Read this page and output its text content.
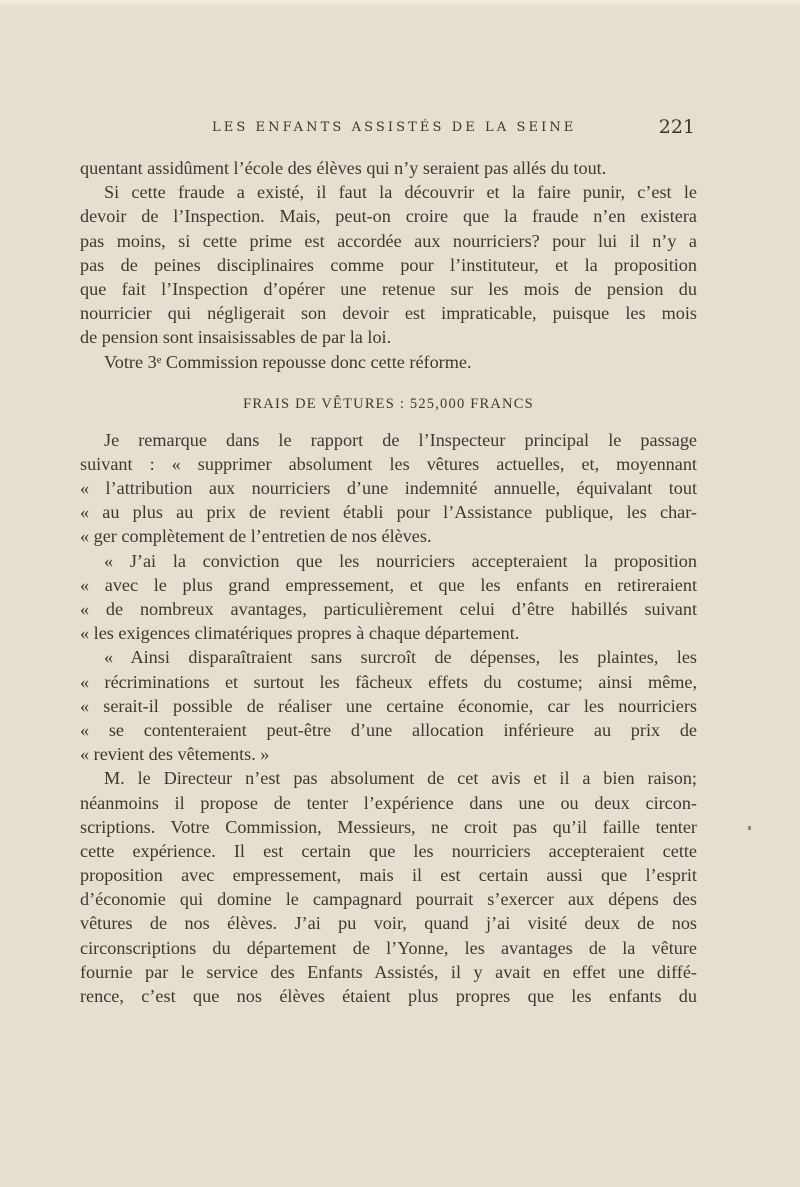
LES ENFANTS ASSISTÉS DE LA SEINE	221
quentant assidûment l’école des élèves qui n’y seraient pas allés du tout.
Si cette fraude a existé, il faut la découvrir et la faire punir, c’est le
devoir de l’Inspection. Mais, peut-on croire que la fraude n’en existera
pas moins, si cette prime est accordée aux nourriciers? pour lui il n’y a
pas de peines disciplinaires comme pour l’instituteur, et la proposition
que fait l’Inspection d’opérer une retenue sur les mois de pension du
nourricier qui négligerait son devoir est impraticable, puisque les mois
de pension sont insaisissables de par la loi.
Votre 3ᵉ Commission repousse donc cette réforme.
FRAIS DE VÊTURES : 525,000 FRANCS
Je remarque dans le rapport de l’Inspecteur principal le passage
suivant : « supprimer absolument les vêtures actuelles, et, moyennant
« l’attribution aux nourriciers d’une indemnité annuelle, équivalant tout
« au plus au prix de revient établi pour l’Assistance publique, les char-
« ger complètement de l’entretien de nos élèves.
« J’ai la conviction que les nourriciers accepteraient la proposition
« avec le plus grand empressement, et que les enfants en retireraient
« de nombreux avantages, particulièrement celui d’être habillés suivant
« les exigences climatériques propres à chaque département.
« Ainsi disparaîtraient sans surcroît de dépenses, les plaintes, les
« récriminations et surtout les fâcheux effets du costume; ainsi même,
« serait-il possible de réaliser une certaine économie, car les nourriciers
« se contenteraient peut-être d’une allocation inférieure au prix de
« revient des vêtements. »
M. le Directeur n’est pas absolument de cet avis et il a bien raison;
néanmoins il propose de tenter l’expérience dans une ou deux circon-
scriptions. Votre Commission, Messieurs, ne croit pas qu’il faille tenter
cette expérience. Il est certain que les nourriciers accepteraient cette
proposition avec empressement, mais il est certain aussi que l’esprit
d’économie qui domine le campagnard pourrait s’exercer aux dépens des
vêtures de nos élèves. J’ai pu voir, quand j’ai visité deux de nos
circonscriptions du département de l’Yonne, les avantages de la vêture
fournie par le service des Enfants Assistés, il y avait en effet une diffé-
rence, c’est que nos élèves étaient plus propres que les enfants du
